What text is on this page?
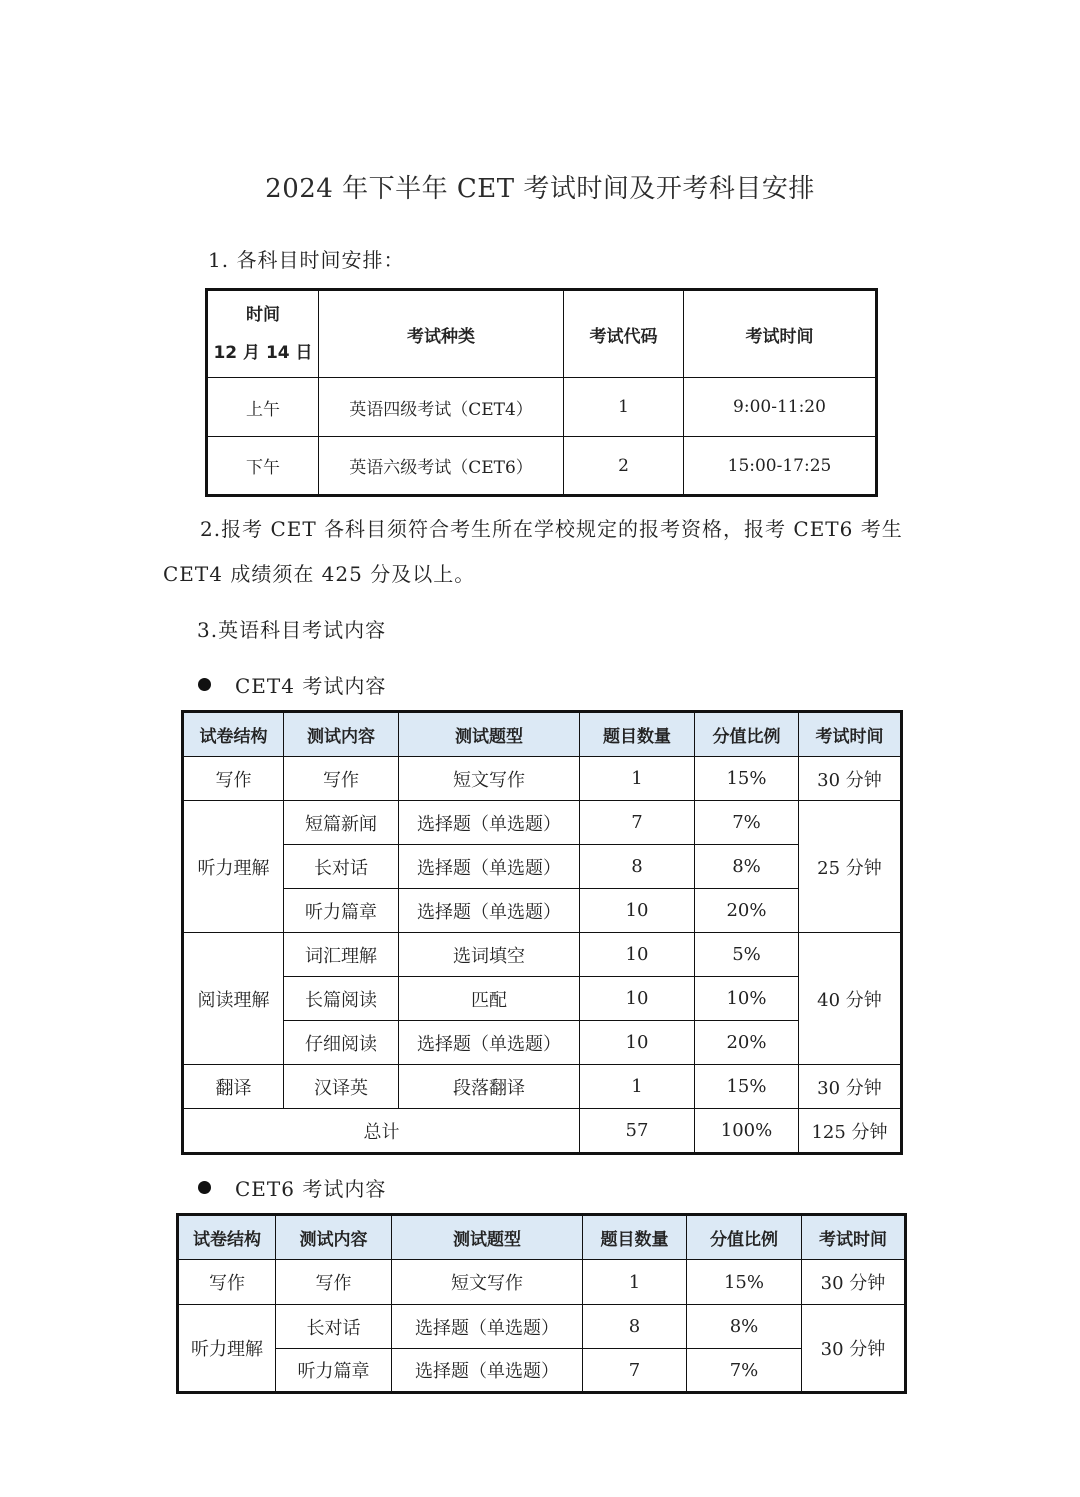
2024 年下半年 CET 考试时间及开考科目安排
1. 各科目时间安排：
时间
12 月 14 日	考试种类	考试代码	考试时间
上午	英语四级考试（CET4）	1	9:00-11:20
下午	英语六级考试（CET6）	2	15:00-17:25
2.报考 CET 各科目须符合考生所在学校规定的报考资格，报考 CET6 考生
CET4 成绩须在 425 分及以上。
3.英语科目考试内容
CET4 考试内容
试卷结构	测试内容	测试题型	题目数量	分值比例	考试时间
写作	写作	短文写作	1	15%	30 分钟
听力理解	短篇新闻	选择题（单选题）	7	7%	25 分钟
	长对话	选择题（单选题）	8	8%	
	听力篇章	选择题（单选题）	10	20%	
阅读理解	词汇理解	选词填空	10	5%	40 分钟
	长篇阅读	匹配	10	10%	
	仔细阅读	选择题（单选题）	10	20%	
翻译	汉译英	段落翻译	1	15%	30 分钟
总计			57	100%	125 分钟
CET6 考试内容
试卷结构	测试内容	测试题型	题目数量	分值比例	考试时间
写作	写作	短文写作	1	15%	30 分钟
听力理解	长对话	选择题（单选题）	8	8%	30 分钟
	听力篇章	选择题（单选题）	7	7%	
